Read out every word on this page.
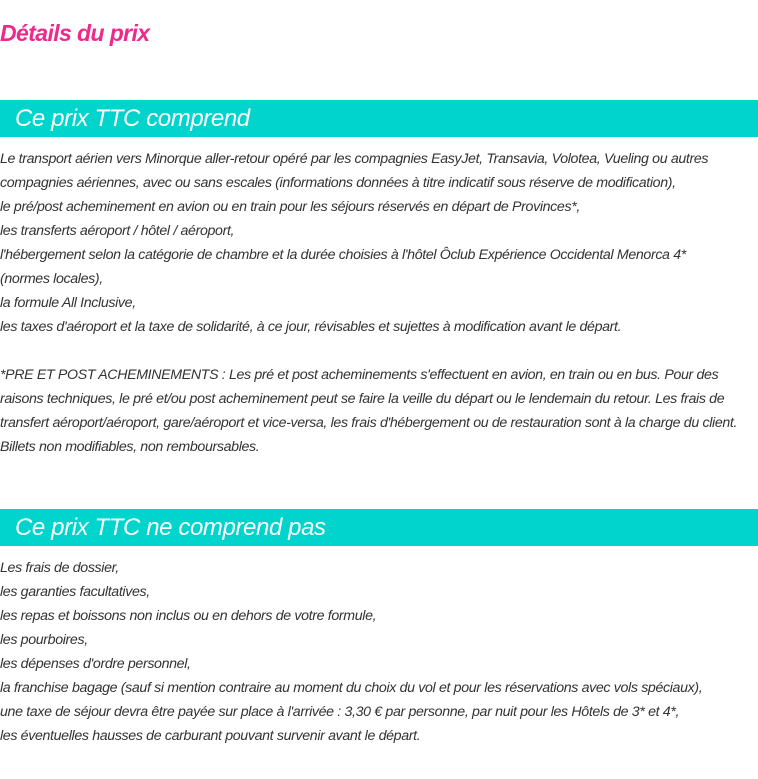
Détails du prix
Ce prix TTC comprend
Le transport aérien vers Minorque aller-retour opéré par les compagnies EasyJet, Transavia, Volotea, Vueling ou autres
compagnies aériennes, avec ou sans escales (informations données à titre indicatif sous réserve de modification),
le pré/post acheminement en avion ou en train pour les séjours réservés en départ de Provinces*,
les transferts aéroport / hôtel / aéroport,
l'hébergement selon la catégorie de chambre et la durée choisies à l'hôtel Ôclub Expérience Occidental Menorca 4*
(normes locales),
la formule All Inclusive,
les taxes d'aéroport et la taxe de solidarité, à ce jour, révisables et sujettes à modification avant le départ.
*PRE ET POST ACHEMINEMENTS : Les pré et post acheminements s'effectuent en avion, en train ou en bus. Pour des raisons techniques, le pré et/ou post acheminement peut se faire la veille du départ ou le lendemain du retour. Les frais de transfert aéroport/aéroport, gare/aéroport et vice-versa, les frais d'hébergement ou de restauration sont à la charge du client. Billets non modifiables, non remboursables.
Ce prix TTC ne comprend pas
Les frais de dossier,
les garanties facultatives,
les repas et boissons non inclus ou en dehors de votre formule,
les pourboires,
les dépenses d'ordre personnel,
la franchise bagage (sauf si mention contraire au moment du choix du vol et pour les réservations avec vols spéciaux),
une taxe de séjour devra être payée sur place à l'arrivée : 3,30 € par personne, par nuit pour les Hôtels de 3* et 4*,
les éventuelles hausses de carburant pouvant survenir avant le départ.
